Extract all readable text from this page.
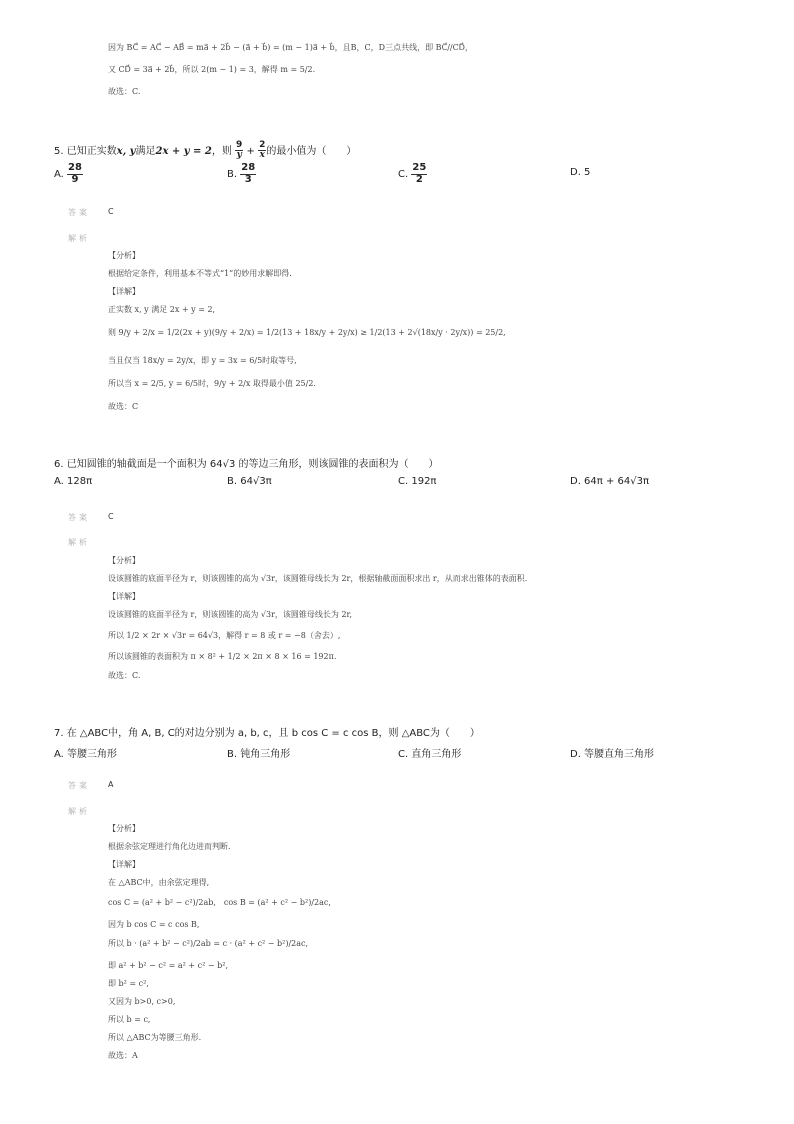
因为 BC⃗ = AC⃗ − AB⃗ = ma⃗ + 2b⃗ − (a⃗ + b⃗) = (m − 1)a⃗ + b⃗，且B，C，D三点共线，即 BC⃗//CD⃗，
又 CD⃗ = 3a⃗ + 2b⃗，所以 2(m − 1) = 3，解得 m = 5/2.
故选：C.
5. 已知正实数x, y满足2x + y = 2，则 $\frac{9}{y} + \frac{2}{x}$ 的最小值为（　　）
A. $\frac{28}{9}$	B. $\frac{28}{3}$	C. $\frac{25}{2}$	D. 5
答案 C
解析
【分析】
根据给定条件，利用基本不等式“1”的妙用求解即得.
【详解】
正实数 x, y 满足 2x + y = 2,
则 9/y + 2/x = 1/2(2x + y)(9/y + 2/x) = 1/2(13 + 18x/y + 2y/x) ≥ 1/2(13 + 2√(18x/y · 2y/x)) = 25/2,
当且仅当 18x/y = 2y/x，即 y = 3x = 6/5时取等号,
所以当 x = 2/5, y = 6/5时，9/y + 2/x 取得最小值 25/2.
故选：C
6. 已知圆锥的轴截面是一个面积为 64√3 的等边三角形，则该圆锥的表面积为（　　）
A. 128π	B. 64√3π	C. 192π	D. 64π + 64√3π
答案 C
解析
【分析】
设该圆锥的底面半径为 r，则该圆锥的高为 √3r，该圆锥母线长为 2r，根据轴截面面积求出 r，从而求出锥体的表面积.
【详解】
设该圆锥的底面半径为 r，则该圆锥的高为 √3r，该圆锥母线长为 2r,
所以 1/2 × 2r × √3r = 64√3，解得 r = 8 或 r = −8（舍去）,
所以该圆锥的表面积为 π × 8² + 1/2 × 2π × 8 × 16 = 192π.
故选：C.
7. 在 △ABC中，角 A, B, C的对边分别为 a, b, c，且 b cos C = c cos B，则 △ABC为（　　）
A. 等腰三角形	B. 钝角三角形	C. 直角三角形	D. 等腰直角三角形
答案 A
解析
【分析】
根据余弦定理进行角化边进而判断.
【详解】
在 △ABC中，由余弦定理得,
cos C = (a² + b² − c²)/2ab,　cos B = (a² + c² − b²)/2ac,
因为 b cos C = c cos B,
所以 b · (a² + b² − c²)/2ab = c · (a² + c² − b²)/2ac,
即 a² + b² − c² = a² + c² − b²,
即 b² = c²,
又因为 b>0, c>0,
所以 b = c,
所以 △ABC为等腰三角形.
故选：A
